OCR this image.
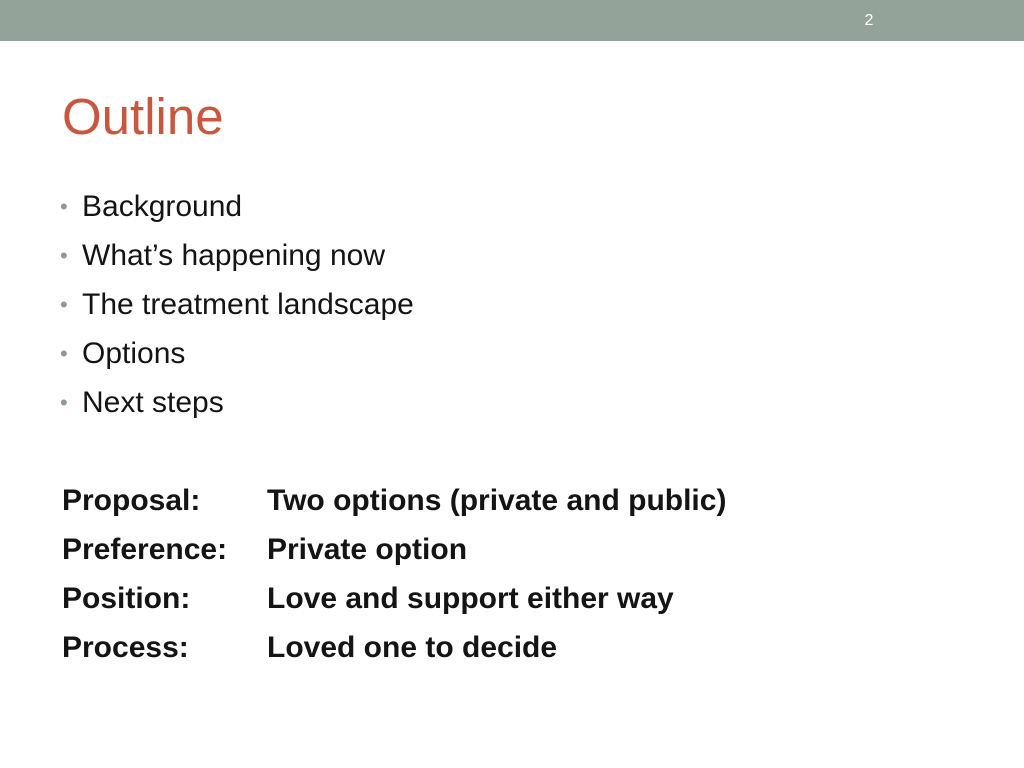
2
Outline
• Background
• What’s happening now
• The treatment landscape
• Options
• Next steps
Proposal: Two options (private and public)
Preference: Private option
Position:	Love and support either way
Process:	Loved one to decide
